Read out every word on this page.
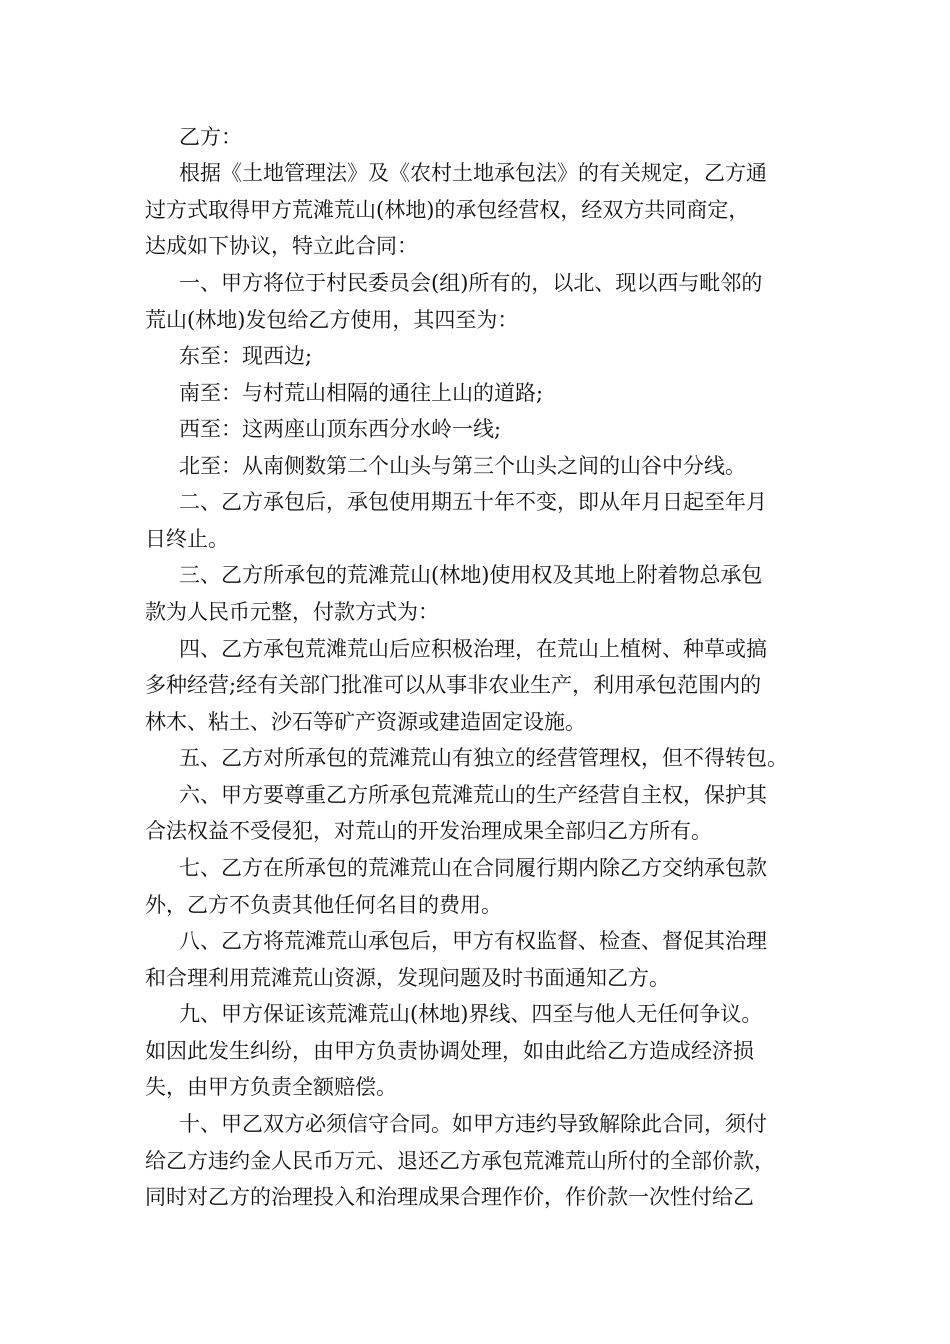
乙方：
根据《土地管理法》及《农村土地承包法》的有关规定，乙方通
过方式取得甲方荒滩荒山(林地)的承包经营权，经双方共同商定，
达成如下协议，特立此合同：
一、甲方将位于村民委员会(组)所有的，以北、现以西与毗邻的
荒山(林地)发包给乙方使用，其四至为：
东至：现西边;
南至：与村荒山相隔的通往上山的道路;
西至：这两座山顶东西分水岭一线;
北至：从南侧数第二个山头与第三个山头之间的山谷中分线。
二、乙方承包后，承包使用期五十年不变，即从年月日起至年月
日终止。
三、乙方所承包的荒滩荒山(林地)使用权及其地上附着物总承包
款为人民币元整，付款方式为：
四、乙方承包荒滩荒山后应积极治理，在荒山上植树、种草或搞
多种经营;经有关部门批准可以从事非农业生产，利用承包范围内的
林木、粘土、沙石等矿产资源或建造固定设施。
五、乙方对所承包的荒滩荒山有独立的经营管理权，但不得转包。
六、甲方要尊重乙方所承包荒滩荒山的生产经营自主权，保护其
合法权益不受侵犯，对荒山的开发治理成果全部归乙方所有。
七、乙方在所承包的荒滩荒山在合同履行期内除乙方交纳承包款
外，乙方不负责其他任何名目的费用。
八、乙方将荒滩荒山承包后，甲方有权监督、检查、督促其治理
和合理利用荒滩荒山资源，发现问题及时书面通知乙方。
九、甲方保证该荒滩荒山(林地)界线、四至与他人无任何争议。
如因此发生纠纷，由甲方负责协调处理，如由此给乙方造成经济损
失，由甲方负责全额赔偿。
十、甲乙双方必须信守合同。如甲方违约导致解除此合同，须付
给乙方违约金人民币万元、退还乙方承包荒滩荒山所付的全部价款，
同时对乙方的治理投入和治理成果合理作价，作价款一次性付给乙
